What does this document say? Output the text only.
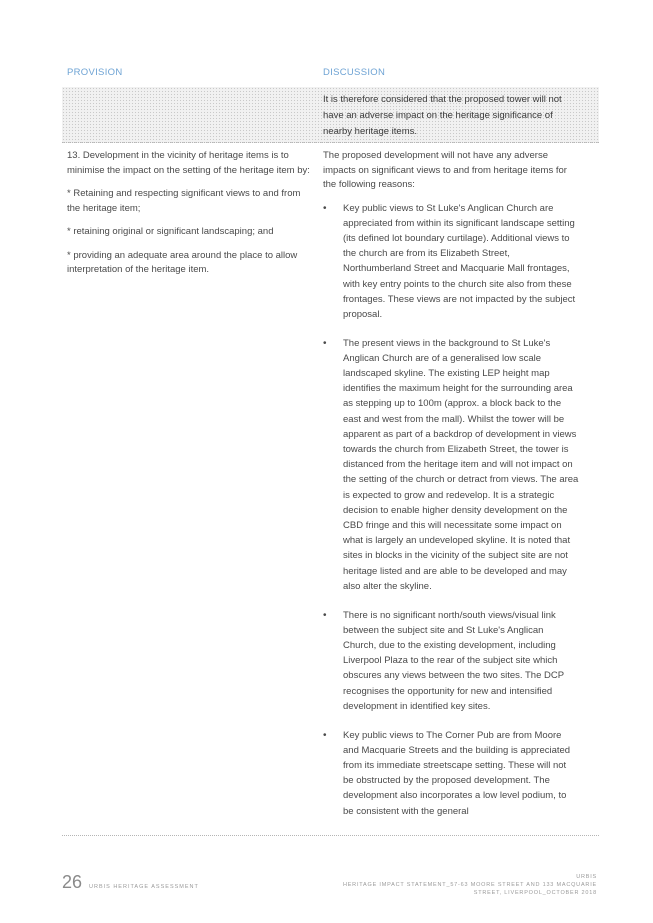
PROVISION	DISCUSSION
It is therefore considered that the proposed tower will not have an adverse impact on the heritage significance of nearby heritage items.

13. Development in the vicinity of heritage items is to minimise the impact on the setting of the heritage item by:

* Retaining and respecting significant views to and from the heritage item;

* retaining original or significant landscaping; and

* providing an adequate area around the place to allow interpretation of the heritage item.

The proposed development will not have any adverse impacts on significant views to and from heritage items for the following reasons:

• Key public views to St Luke's Anglican Church are appreciated from within its significant landscape setting (its defined lot boundary curtilage). Additional views to the church are from its Elizabeth Street, Northumberland Street and Macquarie Mall frontages, with key entry points to the church site also from these frontages. These views are not impacted by the subject proposal.
• The present views in the background to St Luke's Anglican Church are of a generalised low scale landscaped skyline. The existing LEP height map identifies the maximum height for the surrounding area as stepping up to 100m (approx. a block back to the east and west from the mall). Whilst the tower will be apparent as part of a backdrop of development in views towards the church from Elizabeth Street, the tower is distanced from the heritage item and will not impact on the setting of the church or detract from views. The area is expected to grow and redevelop. It is a strategic decision to enable higher density development on the CBD fringe and this will necessitate some impact on what is largely an undeveloped skyline. It is noted that sites in blocks in the vicinity of the subject site are not heritage listed and are able to be developed and may also alter the skyline.
• There is no significant north/south views/visual link between the subject site and St Luke's Anglican Church, due to the existing development, including Liverpool Plaza to the rear of the subject site which obscures any views between the two sites. The DCP recognises the opportunity for new and intensified development in identified key sites.
• Key public views to The Corner Pub are from Moore and Macquarie Streets and the building is appreciated from its immediate streetscape setting. These will not be obstructed by the proposed development. The development also incorporates a low level podium, to be consistent with the general
26 URBIS HERITAGE ASSESSMENT
URBIS
HERITAGE IMPACT STATEMENT_57-63 MOORE STREET AND 133 MACQUARIE
STREET, LIVERPOOL_OCTOBER 2018
